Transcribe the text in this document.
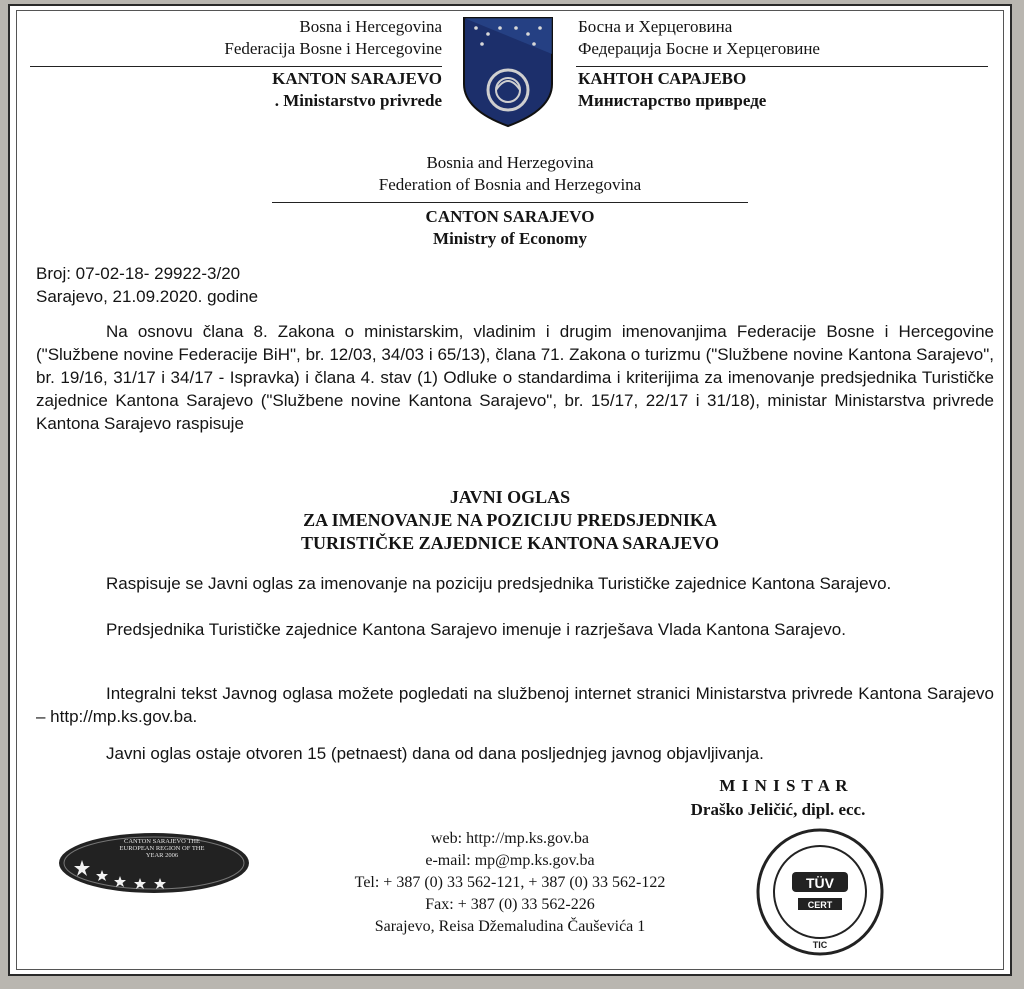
Bosna i Hercegovina
Federacija Bosne i Hercegovine
KANTON SARAJEVO
. Ministarstvo privrede
Босна и Херцеговина
Федерација Босне и Херцеговине
КАНТОН САРАЈЕВО
Министарство привреде
Bosnia and Herzegovina
Federation of Bosnia and Herzegovina
CANTON SARAJEVO
Ministry of Economy
Broj: 07-02-18- 29922-3/20
Sarajevo, 21.09.2020. godine
Na osnovu člana 8. Zakona o ministarskim, vladinim i drugim imenovanjima Federacije Bosne i Hercegovine ("Službene novine Federacije BiH", br. 12/03, 34/03 i 65/13), člana 71. Zakona o turizmu ("Službene novine Kantona Sarajevo", br. 19/16, 31/17 i 34/17 - Ispravka) i člana 4. stav (1) Odluke o standardima i kriterijima za imenovanje predsjednika Turističke zajednice Kantona Sarajevo ("Službene novine Kantona Sarajevo", br. 15/17, 22/17 i 31/18), ministar Ministarstva privrede Kantona Sarajevo raspisuje
JAVNI OGLAS
ZA IMENOVANJE NA POZICIJU PREDSJEDNIKA
TURISTIČKE ZAJEDNICE KANTONA SARAJEVO
Raspisuje se Javni oglas za imenovanje na poziciju predsjednika Turističke zajednice Kantona Sarajevo.
Predsjednika Turističke zajednice Kantona Sarajevo imenuje i razrješava Vlada Kantona Sarajevo.
Integralni tekst Javnog oglasa možete pogledati na službenoj internet stranici Ministarstva privrede Kantona Sarajevo – http://mp.ks.gov.ba.
Javni oglas ostaje otvoren 15 (petnaest) dana od dana posljednjeg javnog objavljivanja.
M I N I S T A R
Draško Jeličić, dipl. ecc.
web: http://mp.ks.gov.ba
e-mail: mp@mp.ks.gov.ba
Tel: + 387 (0) 33 562-121, + 387 (0) 33 562-122
Fax: + 387 (0) 33 562-226
Sarajevo, Reisa Džemaludina Čauševića 1
CANTON SARAJEVO THE EUROPEAN REGION OF THE YEAR 2006
TÜV
CERT
TIC
